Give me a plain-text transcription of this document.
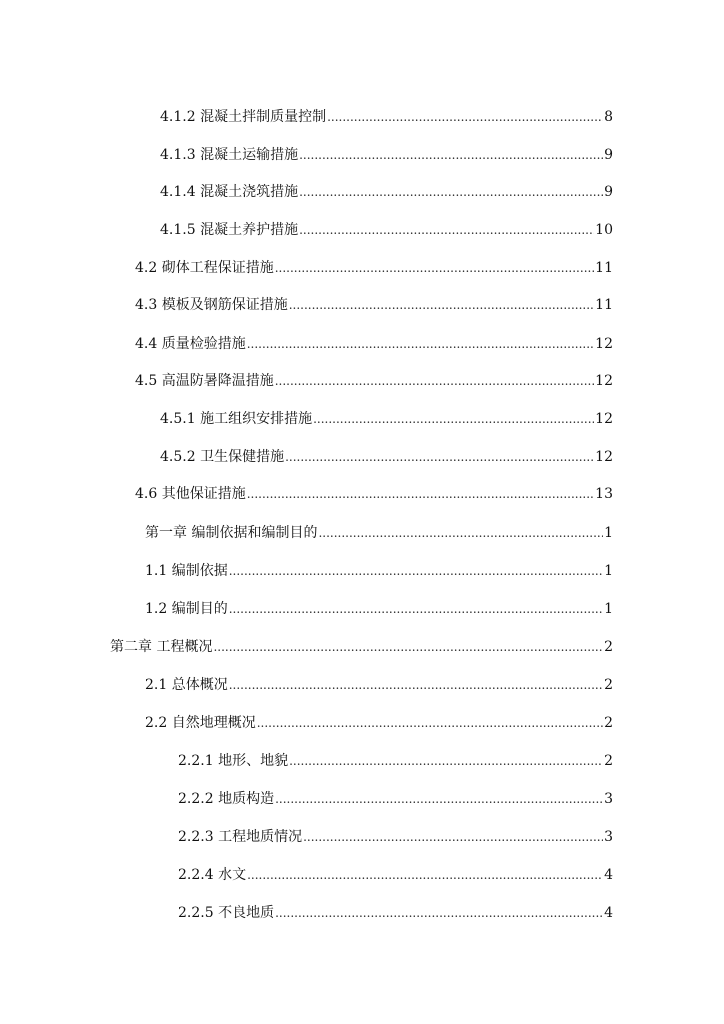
4.1.2 混凝土拌制质量控制 .....	8
4.1.3 混凝土运输措施 .....	9
4.1.4 混凝土浇筑措施 .....	9
4.1.5 混凝土养护措施 .....	10
4.2 砌体工程保证措施 .....	11
4.3 模板及钢筋保证措施 .....	11
4.4 质量检验措施 .....	12
4.5 高温防暑降温措施 .....	12
4.5.1 施工组织安排措施 .....	12
4.5.2 卫生保健措施 .....	12
4.6 其他保证措施 .....	13
第一章 编制依据和编制目的 .....	1
1.1 编制依据 .....	1
1.2 编制目的 .....	1
第二章 工程概况 .....	2
2.1 总体概况 .....	2
2.2 自然地理概况 .....	2
2.2.1 地形、地貌 .....	2
2.2.2 地质构造 .....	3
2.2.3 工程地质情况 .....	3
2.2.4 水文 .....	4
2.2.5 不良地质 .....	4
